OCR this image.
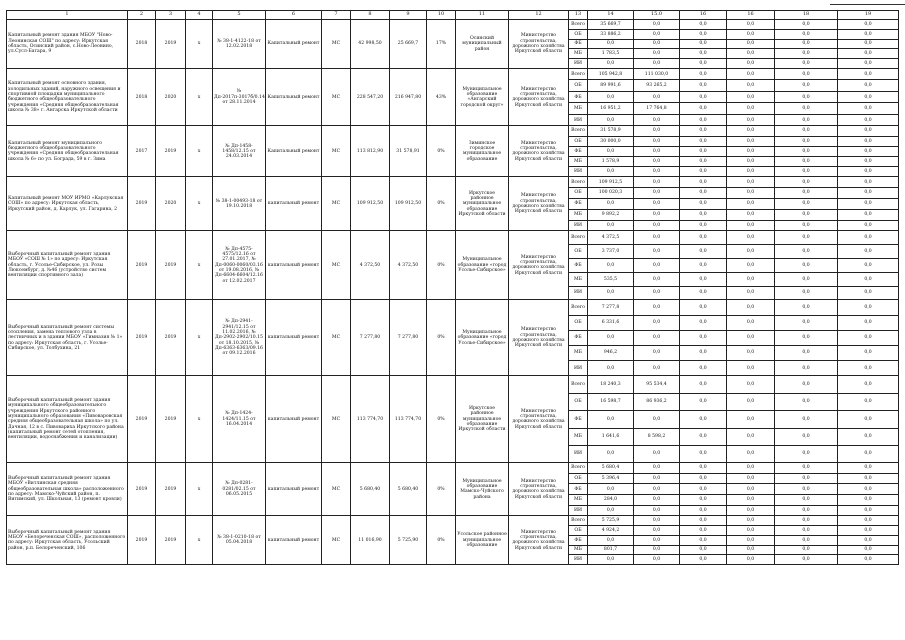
1	2	3	4	5	6	7	8	9	10	11	12	13	14	15.0	16	16	18	19
Капитальный ремонт здания МБОУ "Ново-Леонинская СОШ" по адресу: Иркутская область, Осинский район, с.Ново-Леонино, ул.Сусл-Батара, 9	2018	2019	х	№ 38-1-4122-18 от 12.02.2018	Капитальный ремонт	МС	42 998,50	25 669,7	17%	Осинский муниципальный район	Министерство строительства, дорожного хозяйства Иркутской области	Всего	35 669,7	0,0	0,0	0,0	0,0	0,0
												ОБ	33 886,2	0,0	0,0	0,0	0,0	0,0
												ФБ	0,0	0,0	0,0	0,0	0,0	0,0
												МБ	1 783,5	0,0	0,0	0,0	0,0	0,0
												ИИ	0,0	0,0	0,0	0,0	0,0	0,0
Капитальный ремонт основного здания, холодильных зданий, наружного освещения и спортивной площадки муниципального бюджетного общеобразовательного учреждения «Средняя общеобразовательная школа № 38» г. Ангарска Иркутской области	2018	2020	х	№ Дп-2017п-3017б/0.14 от 28.11.2014	Капитальный ремонт	МС	228 547,20	216 947,80	43%	Муниципальное образование «Ангарский городской округ»	Министерство строительства, дорожного хозяйства Иркутской области	Всего	105 942,8	111 030,0	0,0	0,0	0,0	0,0
												ОБ	89 991,6	93 265,2	0,0	0,0	0,0	0,0
												ФБ	0,0	0,0	0,0	0,0	0,0	0,0
												МБ	16 951,2	17 764,8	0,0	0,0	0,0	0,0
												ИИ	0,0	0,0	0,0	0,0	0,0	0,0
Капитальный ремонт муниципального бюджетного общеобразовательного учреждения «Средняя общеобразовательная школа № 6» по ул. Бограда, 59 в г. Зима	2017	2019	х	№ Дп-1458-1458/12.15 от 24.03.2014	Капитальный ремонт	МС	113 812,90	31 578,91	0%	Зиминское городское муниципальное образование	Министерство строительства, дорожного хозяйства Иркутской области	Всего	31 578,9	0,0	0,0	0,0	0,0	0,0
												ОБ	30 000,0	0,0	0,0	0,0	0,0	0,0
												ФБ	0,0	0,0	0,0	0,0	0,0	0,0
												МБ	1 578,9	0,0	0,0	0,0	0,0	0,0
												ИИ	0,0	0,0	0,0	0,0	0,0	0,0
Капитальный ремонт МОУ ИРМО «Карлукская СОШ» по адресу: Иркутская область, Иркутский район, д. Карлук, ул. Гагарина, 2	2019	2020	х	№ 38-1-00493-18 от 19.10.2018	капитальный ремонт	МС	109 912,50	109 912,50	0%	Иркутское районное муниципальное образование Иркутской области	Министерство строительства, дорожного хозяйства Иркутской области	Всего	109 912,5	0,0	0,0	0,0	0,0	0,0
												ОБ	100 020,3	0,0	0,0	0,0	0,0	0,0
												ФБ	0,0	0,0	0,0	0,0	0,0	0,0
												МБ	9 892,2	0,0	0,0	0,0	0,0	0,0
												ИИ	0,0	0,0	0,0	0,0	0,0	0,0
Выборочный капитальный ремонт здания МБОУ «СОШ № 1» по адресу: Иркутская область, г. Усолье-Сибирское, ул. Розы Люксембург, д. №46 (устройство систем вентиляции спортивного зала)	2019	2019	х	№ Дп-4575-4575/12.16 от 27.01.2017, № Дп-0060-0060/03.16 от 19.08.2016, № Дп-6604-6604/12.16 от 12.02.2017	капитальный ремонт	МС	4 372,50	4 372,50	0%	Муниципальное образование «город Усолье-Сибирское»	Министерство строительства, дорожного хозяйства Иркутской области	Всего	4 372,5	0,0	0,0	0,0	0,0	0,0
												ОБ	3 737,0	0,0	0,0	0,0	0,0	0,0
												ФБ	0,0	0,0	0,0	0,0	0,0	0,0
												МБ	535,5	0,0	0,0	0,0	0,0	0,0
												ИИ	0,0	0,0	0,0	0,0	0,0	0,0
Выборочный капитальный ремонт системы отопления, замена теплового узла в лестничных и в здании МБОУ «Гимназия № 1» по адресу: Иркутская область, г. Усолье-Сибирское, ул. Толбухина, 21	2019	2019	х	№ Дп-2941-2941/12.15 от 11.02.2016, № Дп-2902-2902/10.15 от 18.10.2015, № Дп-6363-6363/09.16 от 09.12.2016	капитальный ремонт	МС	7 277,80	7 277,80	0%	Муниципальное образование «город Усолье-Сибирское»	Министерство строительства, дорожного хозяйства Иркутской области	Всего	7 277,8	0,0	0,0	0,0	0,0	0,0
												ОБ	6 331,6	0,0	0,0	0,0	0,0	0,0
												ФБ	0,0	0,0	0,0	0,0	0,0	0,0
												МБ	946,2	0,0	0,0	0,0	0,0	0,0
												ИИ	0,0	0,0	0,0	0,0	0,0	0,0
Выборочный капитальный ремонт здания муниципального общеобразовательного учреждения Иркутского районного муниципального образования «Пивоваровская средняя общеобразовательная школа» по ул. Дачная, 12 в с. Пивовариха Иркутского района (капитальный ремонт сетей отопления, вентиляции, водоснабжения и канализации)	2019	2019	х	№ Дп-1424-1424/11.15 от 16.04.2014	капитальный ремонт	МС	113 774,70	113 774,70	0%	Иркутское районное муниципальное образование Иркутской области	Министерство строительства, дорожного хозяйства Иркутской области	Всего	18 240,3	95 534,4	0,0	0,0	0,0	0,0
												ОБ	16 598,7	86 936,2	0,0	0,0	0,0	0,0
												ФБ	0,0	0,0	0,0	0,0	0,0	0,0
												МБ	1 641,6	8 598,2	0,0	0,0	0,0	0,0
												ИИ	0,0	0,0	0,0	0,0	0,0	0,0
Выборочный капитальный ремонт здания МБОУ «Витлинская средняя общеобразовательная школа» расположенного по адресу: Мамско-Чуйский район, п. Витимский, ул. Школьная, 13 (ремонт кровли)	2019	2019	х	№ Дп-0281-0281/02.15 от 06.05.2015	капитальный ремонт	МС	5 680,40	5 680,40	0%	Муниципальное образование Мамско-Чуйского района	Министерство строительства, дорожного хозяйства Иркутской области	Всего	5 680,4	0,0	0,0	0,0	0,0	0,0
												ОБ	5 396,4	0,0	0,0	0,0	0,0	0,0
												ФБ	0,0	0,0	0,0	0,0	0,0	0,0
												МБ	284,0	0,0	0,0	0,0	0,0	0,0
												ИИ	0,0	0,0	0,0	0,0	0,0	0,0
Выборочный капитальный ремонт здания МБОУ «Белореченская СОШ», расположенного по адресу: Иркутская область, Усольский район, р.п. Белореченский, 106	2019	2019	х	№ 38-1-0210-18 от 05.04.2018	капитальный ремонт	МС	11 016,90	5 725,90	0%	Усольское районное муниципальное образование	Министерство строительства, дорожного хозяйства Иркутской области	Всего	5 725,9	0,0	0,0	0,0	0,0	0,0
												ОБ	4 924,2	0,0	0,0	0,0	0,0	0,0
												ФБ	0,0	0,0	0,0	0,0	0,0	0,0
												МБ	801,7	0,0	0,0	0,0	0,0	0,0
												ИИ	0,0	0,0	0,0	0,0	0,0	0,0
